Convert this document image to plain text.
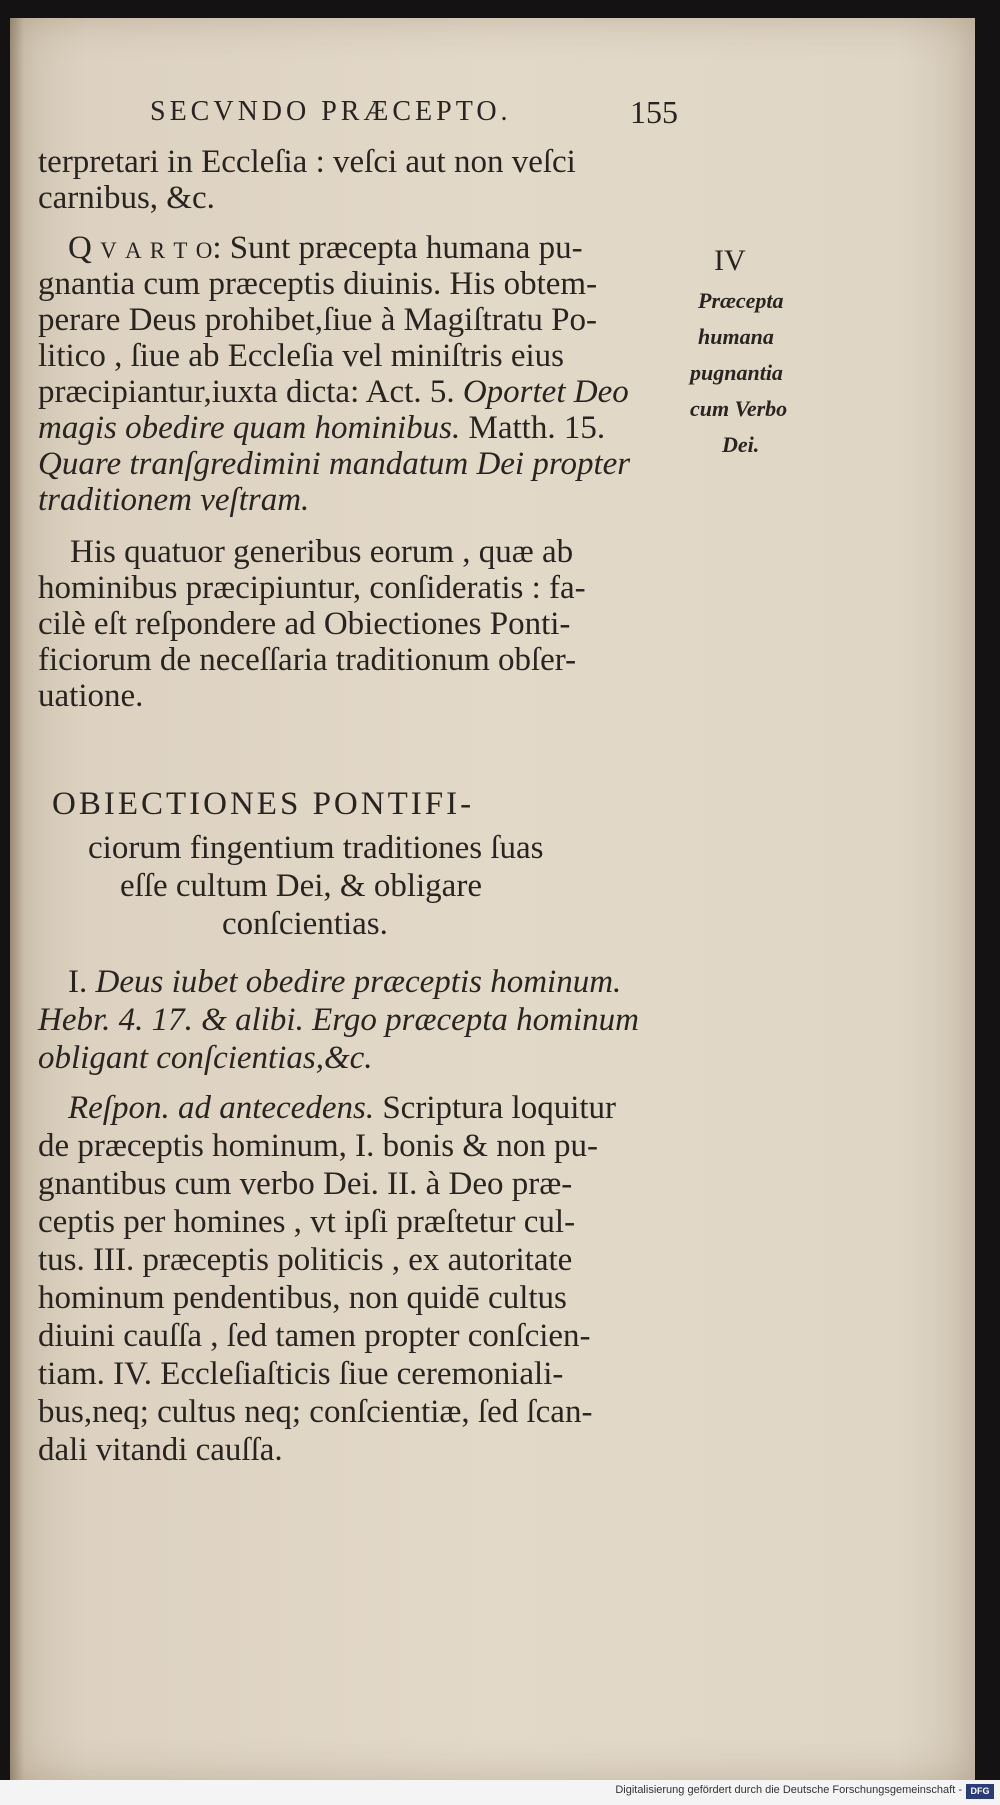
SECVNDO PRÆCEPTO.	155
terpretari in Eccleſia : veſci aut non veſci
carnibus, &c.
Q v a r t o: Sunt præcepta humana pu-
gnantia cum præceptis diuinis. His obtem-
perare Deus prohibet,ſiue à Magiſtratu Po-
litico , ſiue ab Eccleſia vel miniſtris eius
præcipiantur,iuxta dicta: Act. 5. Oportet Deo
magis obedire quam hominibus. Matth. 15.
Quare tranſgredimini mandatum Dei propter
traditionem veſtram.
His quatuor generibus eorum , quæ ab
hominibus præcipiuntur, conſideratis : fa-
cilè eſt reſpondere ad Obiectiones Ponti-
ficiorum de neceſſaria traditionum obſer-
uatione.
IV
Præcepta
humana
pugnantia
cum Verbo
Dei.
OBIECTIONES PONTIFI-
ciorum fingentium traditiones ſuas
eſſe cultum Dei, & obligare
conſcientias.
I. Deus iubet obedire præceptis hominum.
Hebr. 4. 17. & alibi. Ergo præcepta hominum
obligant conſcientias,&c.
Reſpon. ad antecedens. Scriptura loquitur
de præceptis hominum, I. bonis & non pu-
gnantibus cum verbo Dei. II. à Deo præ-
ceptis per homines , vt ipſi præſtetur cul-
tus. III. præceptis politicis , ex autoritate
hominum pendentibus, non quidē cultus
diuini cauſſa , ſed tamen propter conſcien-
tiam. IV. Eccleſiaſticis ſiue ceremoniali-
bus,neq; cultus neq; conſcientiæ, ſed ſcan-
dali vitandi cauſſa.
Digitalisierung gefördert durch die Deutsche Forschungsgemeinschaft - DFG
